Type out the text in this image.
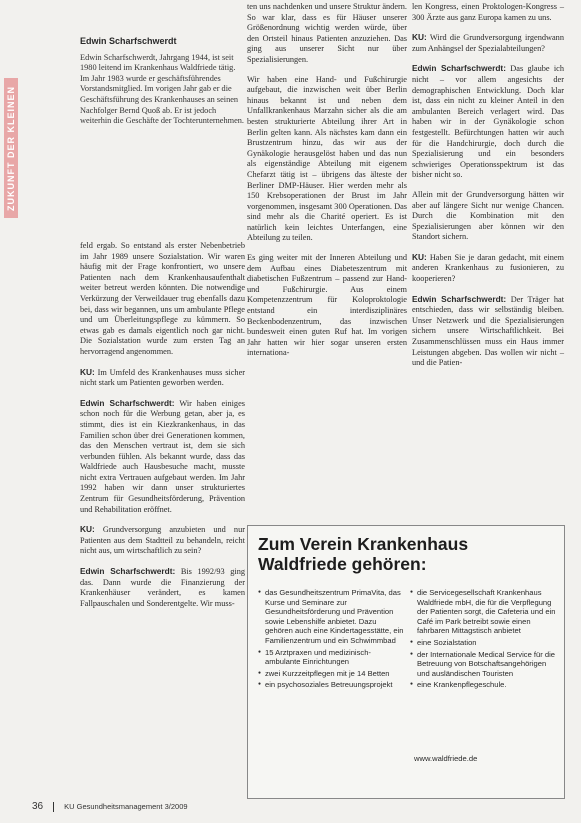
ZUKUNFT DER KLEINEN
Edwin Scharfschwerdt
Edwin Scharfschwerdt, Jahrgang 1944, ist seit 1980 leitend im Krankenhaus Waldfriede tätig. Im Jahr 1983 wurde er geschäftsführendes Vorstandsmitglied. Im vorigen Jahr gab er die Geschäftsführung des Krankenhauses an seinen Nachfolger Bernd Quoß ab. Er ist jedoch weiterhin die Geschäfte der Tochterunternehmen.

feld ergab. So entstand als erster Nebenbetrieb im Jahr 1989 unsere Sozialstation. Wir waren häufig mit der Frage konfrontiert, wo unsere Patienten nach dem Krankenhausaufenthalt weiter betreut werden könnten. Die notwendige Verkürzung der Verweildauer trug ebenfalls dazu bei, dass wir begannen, uns um ambulante Pflege und um Überleitungspflege zu kümmern. So etwas gab es damals eigentlich noch gar nicht. Die Sozialstation wurde zum ersten Tag an hervorragend angenommen.

KU: Im Umfeld des Krankenhauses muss sicher nicht stark um Patienten geworben werden.

Edwin Scharfschwerdt: Wir haben einiges schon noch für die Werbung getan, aber ja, es stimmt, dies ist ein Kiezkrankenhaus, in das Familien schon über drei Generationen kommen, das den Menschen vertraut ist, dem sie sich verbunden fühlen. Als bekannt wurde, dass das Waldfriede auch Hausbesuche macht, musste nicht extra Vertrauen aufgebaut werden. Im Jahr 1992 haben wir dann unser strukturiertes Zentrum für Gesundheitsförderung, Prävention und Rehabilitation eröffnet.

KU: Grundversorgung anzubieten und nur Patienten aus dem Stadtteil zu behandeln, reicht nicht aus, um wirtschaftlich zu sein?

Edwin Scharfschwerdt: Bis 1992/93 ging das. Dann wurde die Finanzierung der Krankenhäuser verändert, es kamen Fallpauschalen und Sonderentgelte. Wir muss-

ten uns nachdenken und unsere Struktur ändern. So war klar, dass es für Häuser unserer Größenordnung wichtig werden würde, über den Ortsteil hinaus Patienten anzuziehen. Das ging aus unserer Sicht nur über Spezialisierungen.

Wir haben eine Hand- und Fußchirurgie aufgebaut, die inzwischen weit über Berlin hinaus bekannt ist und neben dem Unfallkrankenhaus Marzahn sicher als die am besten strukturierte Abteilung ihrer Art in Berlin gelten kann. Als nächstes kam dann ein Brustzentrum hinzu, das wir aus der Gynäkologie herausgelöst haben und das nun als eigenständige Abteilung mit eigenem Chefarzt tätig ist – übrigens das älteste der Berliner DMP-Häuser. Hier werden mehr als 150 Krebsoperationen der Brust im Jahr vorgenommen, insgesamt 300 Operationen. Das sind mehr als die Charité operiert. Es ist natürlich kein leichtes Unterfangen, eine Abteilung zu teilen.

Es ging weiter mit der Inneren Abteilung und dem Aufbau eines Diabeteszentrum mit diabetischen Fußzentrum – passend zur Hand- und Fußchirurgie. Aus einem Kompetenzzentrum für Koloproktologie entstand ein interdisziplinäres Beckenbodenzentrum, das inzwischen bundesweit einen guten Ruf hat. Im vorigen Jahr hatten wir hier sogar unseren ersten internationa-

len Kongress, einen Proktologen-Kongress – 300 Ärzte aus ganz Europa kamen zu uns.

KU: Wird die Grundversorgung irgendwann zum Anhängsel der Spezialabteilungen?

Edwin Scharfschwerdt: Das glaube ich nicht – vor allem angesichts der demographischen Entwicklung. Doch klar ist, dass ein nicht zu kleiner Anteil in den ambulanten Bereich verlagert wird. Das haben wir in der Gynäkologie schon festgestellt. Befürchtungen hatten wir auch für die Handchirurgie, doch durch die Spezialisierung und ein besonders schwieriges Operationsspektrum ist das bisher nicht so.

Allein mit der Grundversorgung hätten wir aber auf längere Sicht nur wenige Chancen. Durch die Kombination mit den Spezialisierungen aber können wir den Standort sichern.

KU: Haben Sie je daran gedacht, mit einem anderen Krankenhaus zu fusionieren, zu kooperieren?

Edwin Scharfschwerdt: Der Träger hat entschieden, dass wir selbständig bleiben. Unser Netzwerk und die Spezialisierungen sichern unsere Wirtschaftlichkeit. Bei Zusammenschlüssen muss ein Haus immer Leistungen abgeben. Das wollen wir nicht – und die Patien-

Zum Verein Krankenhaus Waldfriede gehören:
● das Gesundheitszentrum PrimaVita, das Kurse und Seminare zur Gesundheitsförderung und Prävention sowie Lebenshilfe anbietet. Dazu gehören auch eine Kindertagesstätte, ein Familienzentrum und ein Schwimmbad
● 15 Arztpraxen und medizinisch-ambulante Einrichtungen
● zwei Kurzzeitpflegen mit je 14 Betten
● ein psychosoziales Betreuungsprojekt
● die Servicegesellschaft Krankenhaus Waldfriede mbH, die für die Verpflegung der Patienten sorgt, die Cafeteria und ein Café im Park betreibt sowie einen fahrbaren Mittagstisch anbietet
● eine Sozialstation
● der Internationale Medical Service für die Betreuung von Botschaftsangehörigen und ausländischen Touristen
● eine Krankenpflegeschule.
www.waldfriede.de
36	KU Gesundheitsmanagement 3/2009
